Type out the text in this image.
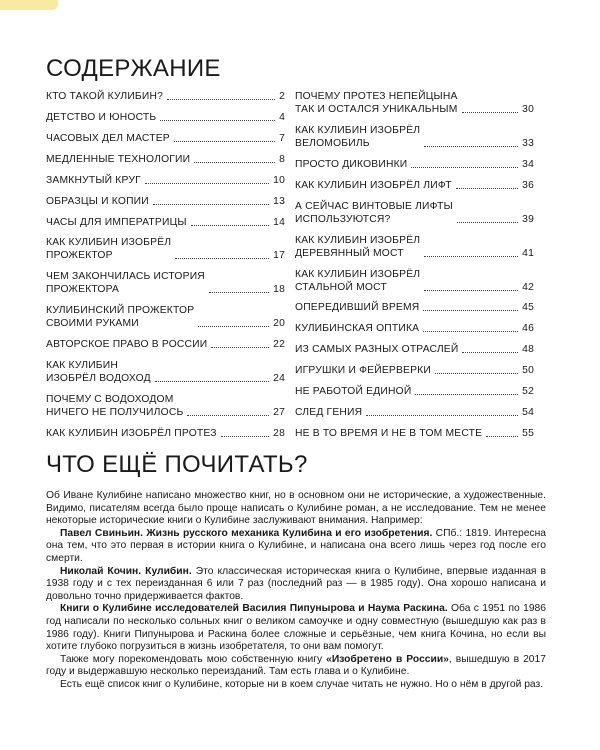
СОДЕРЖАНИЕ
КТО ТАКОЙ КУЛИБИН?	2
ДЕТСТВО И ЮНОСТЬ	4
ЧАСОВЫХ ДЕЛ МАСТЕР	7
МЕДЛЕННЫЕ ТЕХНОЛОГИИ	8
ЗАМКНУТЫЙ КРУГ	10
ОБРАЗЦЫ И КОПИИ	13
ЧАСЫ ДЛЯ ИМПЕРАТРИЦЫ	14
КАК КУЛИБИН ИЗОБРЁЛ
ПРОЖЕКТОР	17
ЧЕМ ЗАКОНЧИЛАСЬ ИСТОРИЯ
ПРОЖЕКТОРА	18
КУЛИБИНСКИЙ ПРОЖЕКТОР
СВОИМИ РУКАМИ	20
АВТОРСКОЕ ПРАВО В РОССИИ	22
КАК КУЛИБИН
ИЗОБРЁЛ ВОДОХОД	24
ПОЧЕМУ С ВОДОХОДОМ
НИЧЕГО НЕ ПОЛУЧИЛОСЬ	27
КАК КУЛИБИН ИЗОБРЁЛ ПРОТЕЗ	28
ПОЧЕМУ ПРОТЕЗ НЕПЕЙЦЫНА
ТАК И ОСТАЛСЯ УНИКАЛЬНЫМ	30
КАК КУЛИБИН ИЗОБРЁЛ
ВЕЛОМОБИЛЬ	33
ПРОСТО ДИКОВИНКИ	34
КАК КУЛИБИН ИЗОБРЁЛ ЛИФТ	36
А СЕЙЧАС ВИНТОВЫЕ ЛИФТЫ
ИСПОЛЬЗУЮТСЯ?	39
КАК КУЛИБИН ИЗОБРЁЛ
ДЕРЕВЯННЫЙ МОСТ	41
КАК КУЛИБИН ИЗОБРЁЛ
СТАЛЬНОЙ МОСТ	42
ОПЕРЕДИВШИЙ ВРЕМЯ	45
КУЛИБИНСКАЯ ОПТИКА	46
ИЗ САМЫХ РАЗНЫХ ОТРАСЛЕЙ	48
ИГРУШКИ И ФЕЙЕРВЕРКИ	50
НЕ РАБОТОЙ ЕДИНОЙ	52
СЛЕД ГЕНИЯ	54
НЕ В ТО ВРЕМЯ И НЕ В ТОМ МЕСТЕ	55
ЧТО ЕЩЁ ПОЧИТАТЬ?

Об Иване Кулибине написано множество книг, но в основном они не исторические, а художественные. Видимо, писателям всегда было проще написать о Кулибине роман, а не исследование. Тем не менее некоторые исторические книги о Кулибине заслуживают внимания. Например:

Павел Свиньин. Жизнь русского механика Кулибина и его изобретения. СПб.: 1819. Интересна она тем, что это первая в истории книга о Кулибине, и написана она всего лишь через год после его смерти.

Николай Кочин. Кулибин. Это классическая историческая книга о Кулибине, впервые изданная в 1938 году и с тех переизданная 6 или 7 раз (последний раз — в 1985 году). Она хорошо написана и довольно точно придерживается фактов.

Книги о Кулибине исследователей Василия Пипунырова и Наума Раскина. Оба с 1951 по 1986 год написали по несколько сольных книг о великом самоучке и одну совместную (вышедшую как раз в 1986 году). Книги Пипунырова и Раскина более сложные и серьёзные, чем книга Кочина, но если вы хотите глубоко погрузиться в жизнь изобретателя, то они вам помогут.

Также могу порекомендовать мою собственную книгу «Изобретено в России», вышедшую в 2017 году и выдержавшую несколько переизданий. Там есть глава и о Кулибине.

Есть ещё список книг о Кулибине, которые ни в коем случае читать не нужно. Но о нём в другой раз.
